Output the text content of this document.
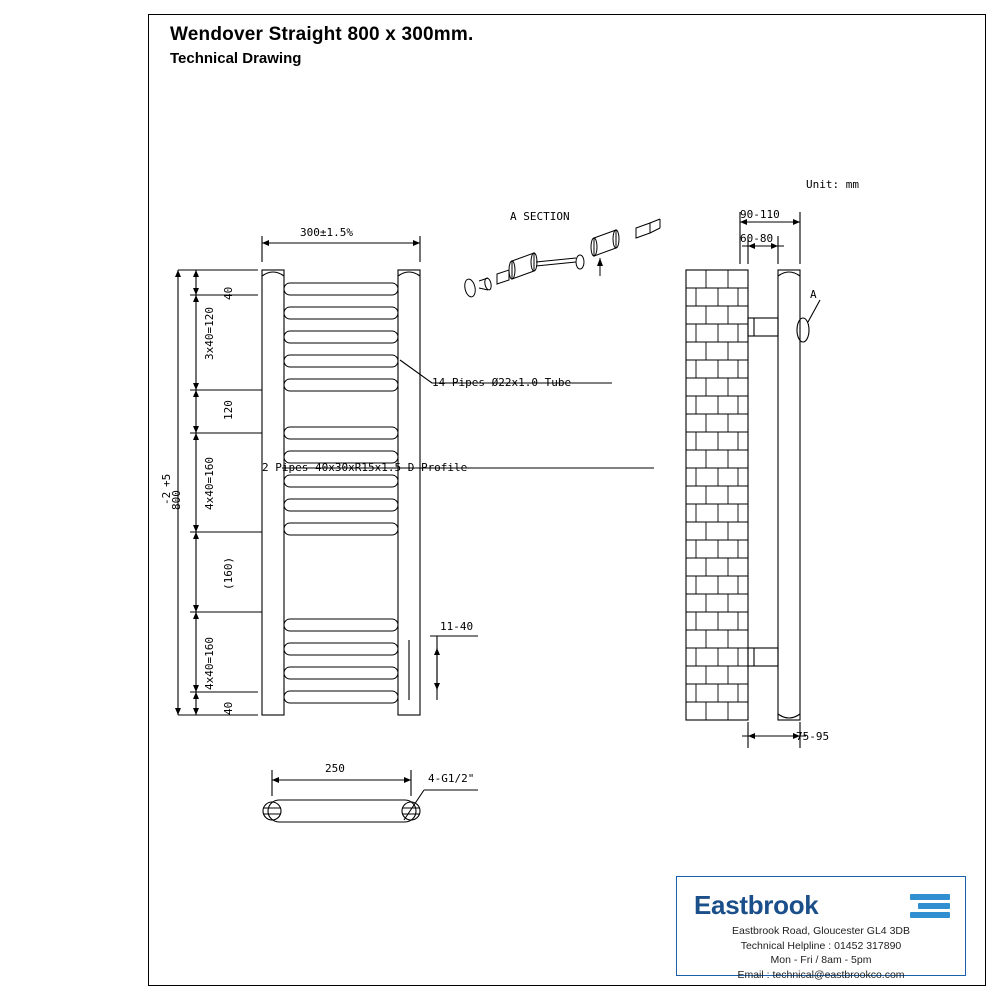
Wendover Straight 800 x 300mm.
Technical Drawing
300±1.5%
40
3x40=120
120
4x40=160
(160)
4x40=160
40
800
+5
-2
14 Pipes Ø22x1.0 Tube
2 Pipes 40x30xR15x1.5 D Profile
11-40
A SECTION
A
Unit: mm
90-110
60-80
75-95
250
4-G1/2"
Eastbrook
Eastbrook Road, Gloucester GL4 3DB
Technical Helpline : 01452 317890
Mon - Fri / 8am - 5pm
Email : technical@eastbrookco.com
